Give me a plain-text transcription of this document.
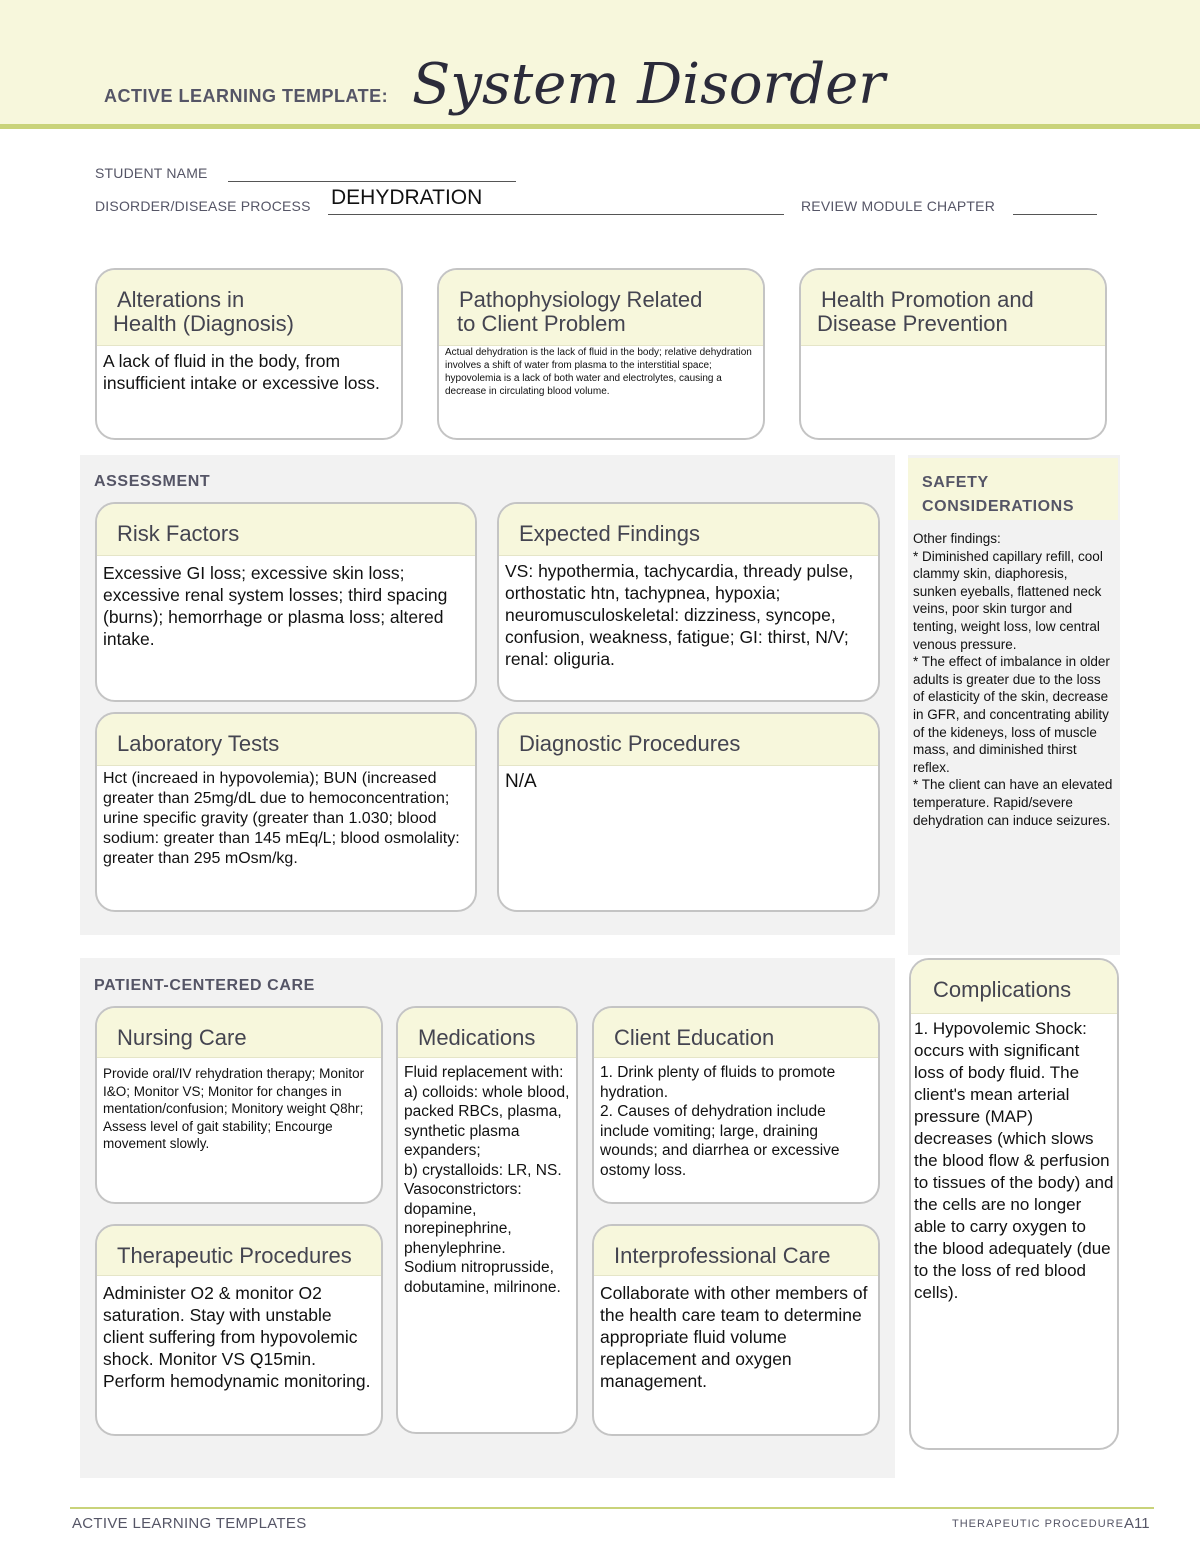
ACTIVE LEARNING TEMPLATE: System Disorder
STUDENT NAME
DISORDER/DISEASE PROCESS DEHYDRATION	REVIEW MODULE CHAPTER
Alterations in
Health (Diagnosis)
A lack of fluid in the body, from insufficient intake or excessive loss.
Pathophysiology Related
to Client Problem
Actual dehydration is the lack of fluid in the body; relative dehydration involves a shift of water from plasma to the interstitial space; hypovolemia is a lack of both water and electrolytes, causing a decrease in circulating blood volume.
Health Promotion and
Disease Prevention
ASSESSMENT
Risk Factors
Excessive GI loss; excessive skin loss; excessive renal system losses; third spacing (burns); hemorrhage or plasma loss; altered intake.
Expected Findings
VS: hypothermia, tachycardia, thready pulse, orthostatic htn, tachypnea, hypoxia; neuromusculoskeletal: dizziness, syncope, confusion, weakness, fatigue; GI: thirst, N/V; renal: oliguria.
Laboratory Tests
Hct (increaed in hypovolemia); BUN (increased greater than 25mg/dL due to hemoconcentration; urine specific gravity (greater than 1.030; blood sodium: greater than 145 mEq/L; blood osmolality: greater than 295 mOsm/kg.
Diagnostic Procedures
N/A
SAFETY
CONSIDERATIONS
Other findings:
* Diminished capillary refill, cool clammy skin, diaphoresis, sunken eyeballs, flattened neck veins, poor skin turgor and tenting, weight loss, low central venous pressure.
* The effect of imbalance in older adults is greater due to the loss of elasticity of the skin, decrease in GFR, and concentrating ability of the kideneys, loss of muscle mass, and diminished thirst reflex.
* The client can have an elevated temperature. Rapid/severe dehydration can induce seizures.
PATIENT-CENTERED CARE
Nursing Care
Provide oral/IV rehydration therapy; Monitor I&O; Monitor VS; Monitor for changes in mentation/confusion; Monitory weight Q8hr; Assess level of gait stability; Encourge movement slowly.
Medications
Fluid replacement with:
a) colloids: whole blood, packed RBCs, plasma, synthetic plasma expanders;
b) crystalloids: LR, NS.
Vasoconstrictors: dopamine, norepinephrine, phenylephrine.
Sodium nitroprusside, dobutamine, milrinone.
Client Education
1. Drink plenty of fluids to promote hydration.
2. Causes of dehydration include include vomiting; large, draining wounds; and diarrhea or excessive ostomy loss.
Therapeutic Procedures
Administer O2 & monitor O2 saturation. Stay with unstable client suffering from hypovolemic shock. Monitor VS Q15min. Perform hemodynamic monitoring.
Interprofessional Care
Collaborate with other members of the health care team to determine appropriate fluid volume replacement and oxygen management.
Complications
1. Hypovolemic Shock: occurs with significant loss of body fluid. The client's mean arterial pressure (MAP) decreases (which slows the blood flow & perfusion to tissues of the body) and the cells are no longer able to carry oxygen to the blood adequately (due to the loss of red blood cells).
ACTIVE LEARNING TEMPLATES	THERAPEUTIC PROCEDURE A11
